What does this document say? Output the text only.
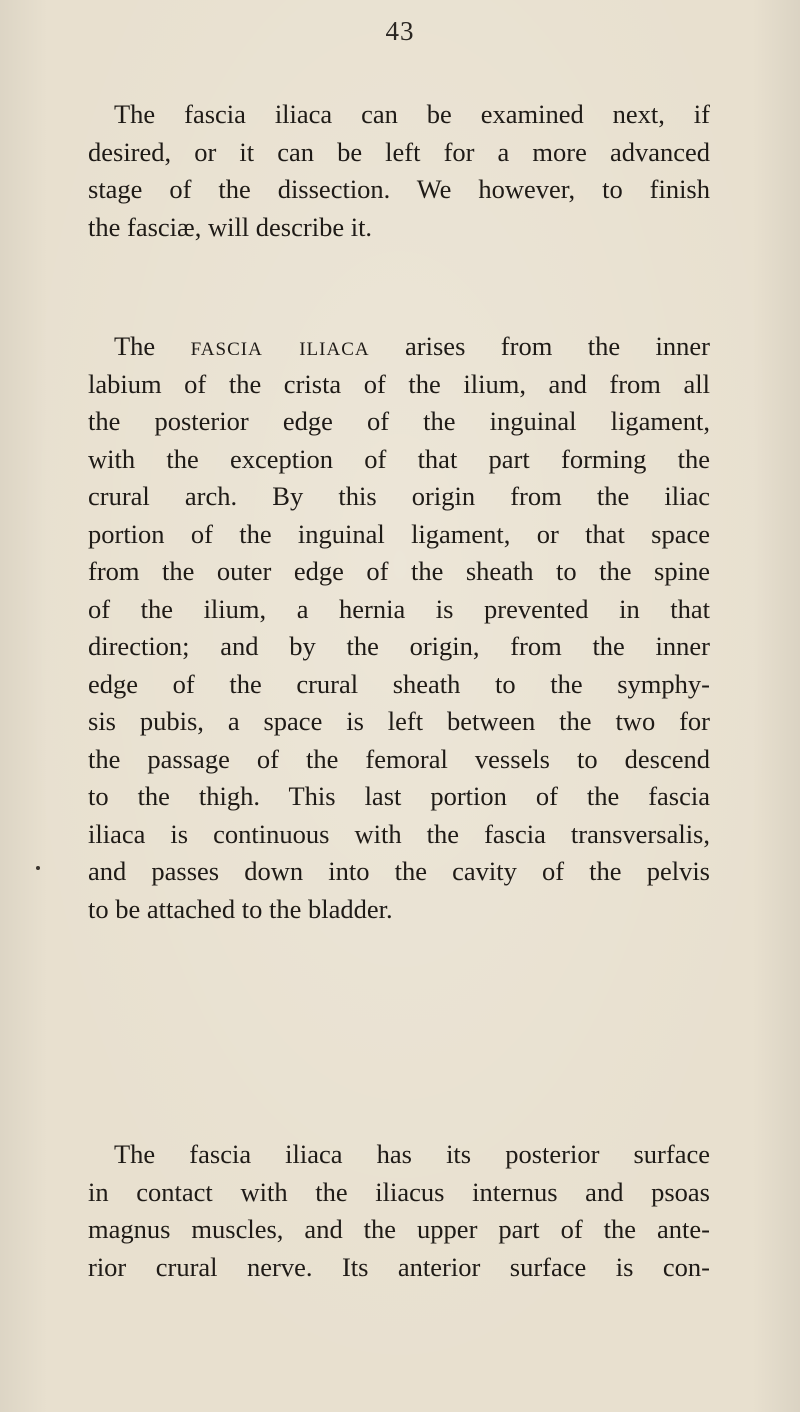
43
The fascia iliaca can be examined next, if
desired, or it can be left for a more advanced
stage of the dissection. We however, to finish
the fasciæ, will describe it.
The fascia iliaca arises from the inner
labium of the crista of the ilium, and from all
the posterior edge of the inguinal ligament,
with the exception of that part forming the
crural arch. By this origin from the iliac
portion of the inguinal ligament, or that space
from the outer edge of the sheath to the spine
of the ilium, a hernia is prevented in that
direction; and by the origin, from the inner
edge of the crural sheath to the symphy-
sis pubis, a space is left between the two for
the passage of the femoral vessels to descend
to the thigh. This last portion of the fascia
iliaca is continuous with the fascia transversalis,
and passes down into the cavity of the pelvis
to be attached to the bladder.
The fascia iliaca has its posterior surface
in contact with the iliacus internus and psoas
magnus muscles, and the upper part of the ante-
rior crural nerve. Its anterior surface is con-
